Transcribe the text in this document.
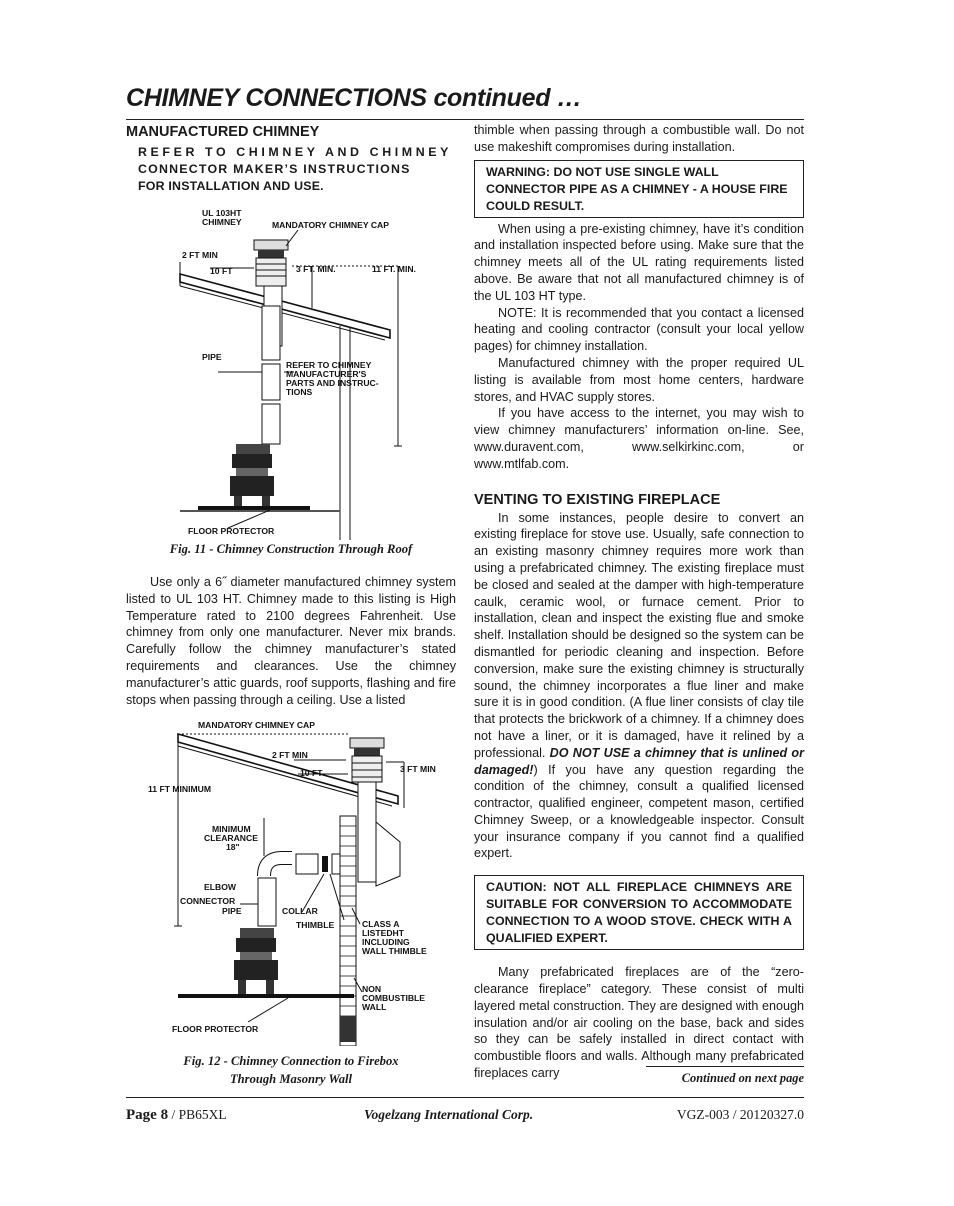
CHIMNEY CONNECTIONS continued …
MANUFACTURED CHIMNEY
REFER TO CHIMNEY AND CHIMNEY
CONNECTOR MAKER’S INSTRUCTIONS
FOR INSTALLATION AND USE.
UL 103HT
CHIMNEY	MANDATORY CHIMNEY CAP
2 FT MIN
10 FT	3 FT. MIN.	11 FT. MIN.
PIPE
REFER TO CHIMNEY
MANUFACTURER'S
PARTS AND INSTRUC-
TIONS
FLOOR PROTECTOR
Fig. 11 - Chimney Construction Through Roof

Use only a 6˝ diameter manufactured chimney system listed to UL 103 HT. Chimney made to this listing is High Temperature rated to 2100 degrees Fahrenheit. Use chimney from only one manufacturer. Never mix brands. Carefully follow the chimney manufacturer’s stated requirements and clearances. Use the chimney manufacturer’s attic guards, roof supports, flashing and fire stops when passing through a ceiling. Use a listed

MANDATORY CHIMNEY CAP
2 FT MIN
10 FT	3 FT MIN
11 FT MINIMUM
MINIMUM
CLEARANCE
18"
ELBOW
CONNECTOR
PIPE	COLLAR
THIMBLE	CLASS A
LISTEDHT
INCLUDING
WALL THIMBLE
NON
COMBUSTIBLE
WALL
FLOOR PROTECTOR
Fig. 12 - Chimney Connection to Firebox
Through Masonry Wall

thimble when passing through a combustible wall. Do not use makeshift compromises during installation.

WARNING: DO NOT USE SINGLE WALL CONNECTOR PIPE AS A CHIMNEY - A HOUSE FIRE COULD RESULT.

When using a pre-existing chimney, have it’s condition and installation inspected before using. Make sure that the chimney meets all of the UL rating requirements listed above. Be aware that not all manufactured chimney is of the UL 103 HT type.

NOTE: It is recommended that you contact a licensed heating and cooling contractor (consult your local yellow pages) for chimney installation.

Manufactured chimney with the proper required UL listing is available from most home centers, hardware stores, and HVAC supply stores.

If you have access to the internet, you may wish to view chimney manufacturers’ information on-line. See, www.duravent.com, www.selkirkinc.com, or www.mtlfab.com.

VENTING TO EXISTING FIREPLACE

In some instances, people desire to convert an existing fireplace for stove use. Usually, safe connection to an existing masonry chimney requires more work than using a prefabricated chimney. The existing fireplace must be closed and sealed at the damper with high-temperature caulk, ceramic wool, or furnace cement. Prior to installation, clean and inspect the existing flue and smoke shelf. Installation should be designed so the system can be dismantled for periodic cleaning and inspection. Before conversion, make sure the existing chimney is structurally sound, the chimney incorporates a flue liner and make sure it is in good condition. (A flue liner consists of clay tile that protects the brickwork of a chimney. If a chimney does not have a liner, or it is damaged, have it relined by a professional. DO NOT USE a chimney that is unlined or damaged!) If you have any question regarding the condition of the chimney, consult a qualified licensed contractor, qualified engineer, competent mason, certified Chimney Sweep, or a knowledgeable inspector. Consult your insurance company if you cannot find a qualified expert.

CAUTION: NOT ALL FIREPLACE CHIMNEYS ARE SUITABLE FOR CONVERSION TO ACCOMMODATE CONNECTION TO A WOOD STOVE. CHECK WITH A QUALIFIED EXPERT.

Many prefabricated fireplaces are of the “zero-clearance fireplace” category. These consist of multi layered metal construction. They are designed with enough insulation and/or air cooling on the base, back and sides so they can be safely installed in direct contact with combustible floors and walls. Although many prefabricated fireplaces carry	Continued on next page
Page 8 / PB65XL	Vogelzang International Corp.	VGZ-003 / 20120327.0
